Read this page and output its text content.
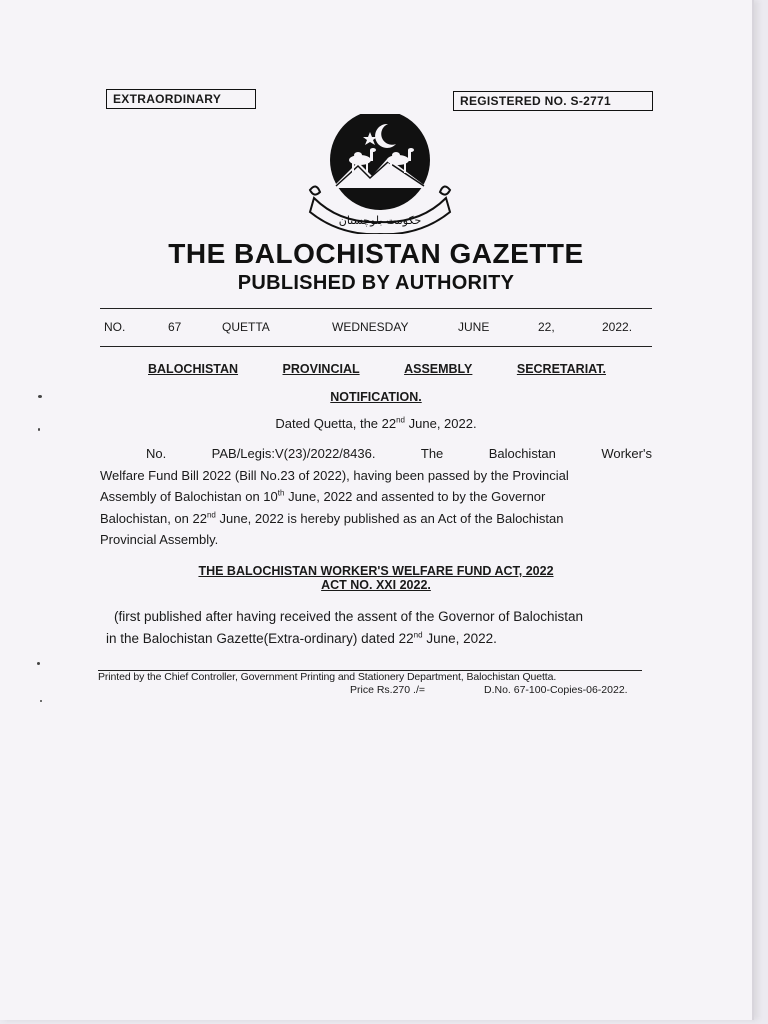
EXTRAORDINARY	REGISTERED NO. S-2771
حکومت بلوچستان
THE BALOCHISTAN GAZETTE
PUBLISHED BY AUTHORITY
NO.	67	QUETTA	WEDNESDAY	JUNE	22,	2022.
BALOCHISTAN	PROVINCIAL	ASSEMBLY	SECRETARIAT.
NOTIFICATION.
Dated Quetta, the 22nd June, 2022.
No.	PAB/Legis:V(23)/2022/8436.	The	Balochistan	Worker's
Welfare Fund Bill 2022 (Bill No.23 of 2022), having been passed by the Provincial
Assembly of Balochistan on 10th June, 2022 and assented to by the Governor
Balochistan, on 22nd June, 2022 is hereby published as an Act of the Balochistan
Provincial Assembly.
THE BALOCHISTAN WORKER'S WELFARE FUND ACT, 2022
ACT NO. XXI 2022.
(first published after having received the assent of the Governor of Balochistan
in the Balochistan Gazette(Extra-ordinary) dated 22nd June, 2022.
Printed by the Chief Controller, Government Printing and Stationery Department, Balochistan Quetta.
Price Rs.270 ./=	D.No. 67-100-Copies-06-2022.
